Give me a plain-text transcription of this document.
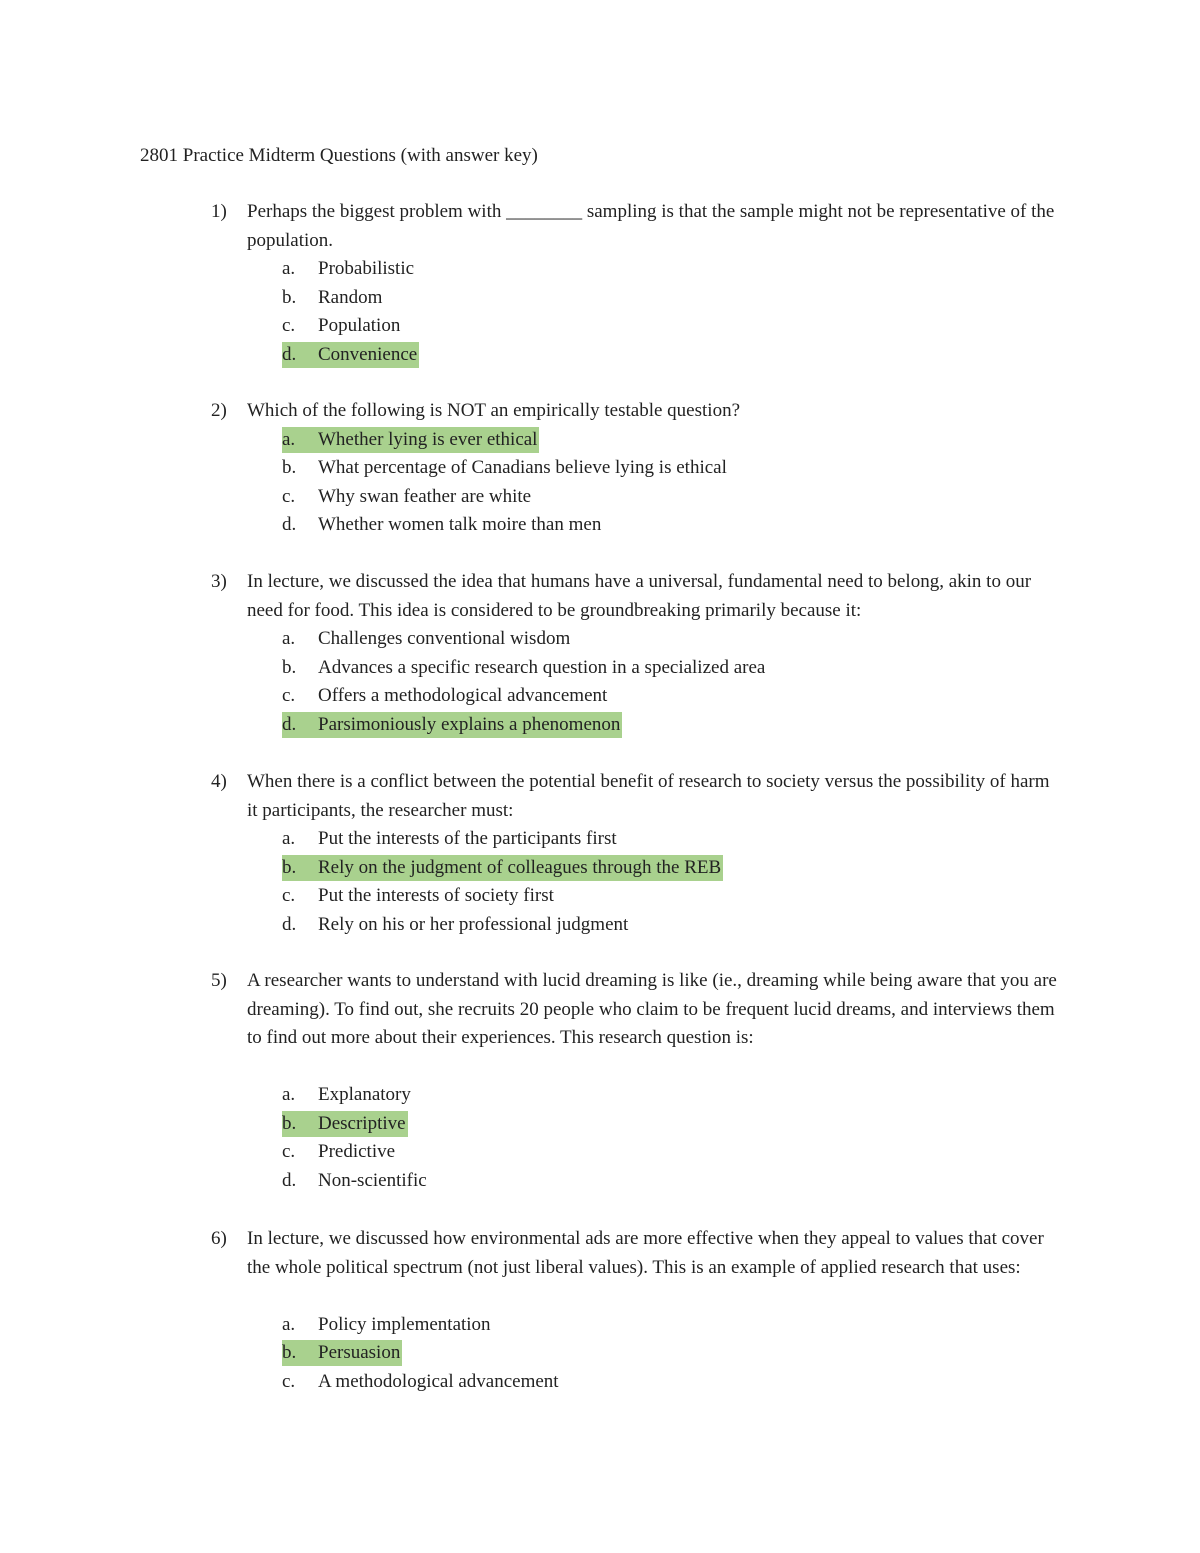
2801 Practice Midterm Questions (with answer key)
1) Perhaps the biggest problem with ________ sampling is that the sample might not be representative of the population.
a. Probabilistic
b. Random
c. Population
d. Convenience
2) Which of the following is NOT an empirically testable question?
a. Whether lying is ever ethical
b. What percentage of Canadians believe lying is ethical
c. Why swan feather are white
d. Whether women talk moire than men
3) In lecture, we discussed the idea that humans have a universal, fundamental need to belong, akin to our need for food. This idea is considered to be groundbreaking primarily because it:
a. Challenges conventional wisdom
b. Advances a specific research question in a specialized area
c. Offers a methodological advancement
d. Parsimoniously explains a phenomenon
4) When there is a conflict between the potential benefit of research to society versus the possibility of harm it participants, the researcher must:
a. Put the interests of the participants first
b. Rely on the judgment of colleagues through the REB
c. Put the interests of society first
d. Rely on his or her professional judgment
5) A researcher wants to understand with lucid dreaming is like (ie., dreaming while being aware that you are dreaming). To find out, she recruits 20 people who claim to be frequent lucid dreams, and interviews them to find out more about their experiences. This research question is:
a. Explanatory
b. Descriptive
c. Predictive
d. Non-scientific
6) In lecture, we discussed how environmental ads are more effective when they appeal to values that cover the whole political spectrum (not just liberal values). This is an example of applied research that uses:
a. Policy implementation
b. Persuasion
c. A methodological advancement
